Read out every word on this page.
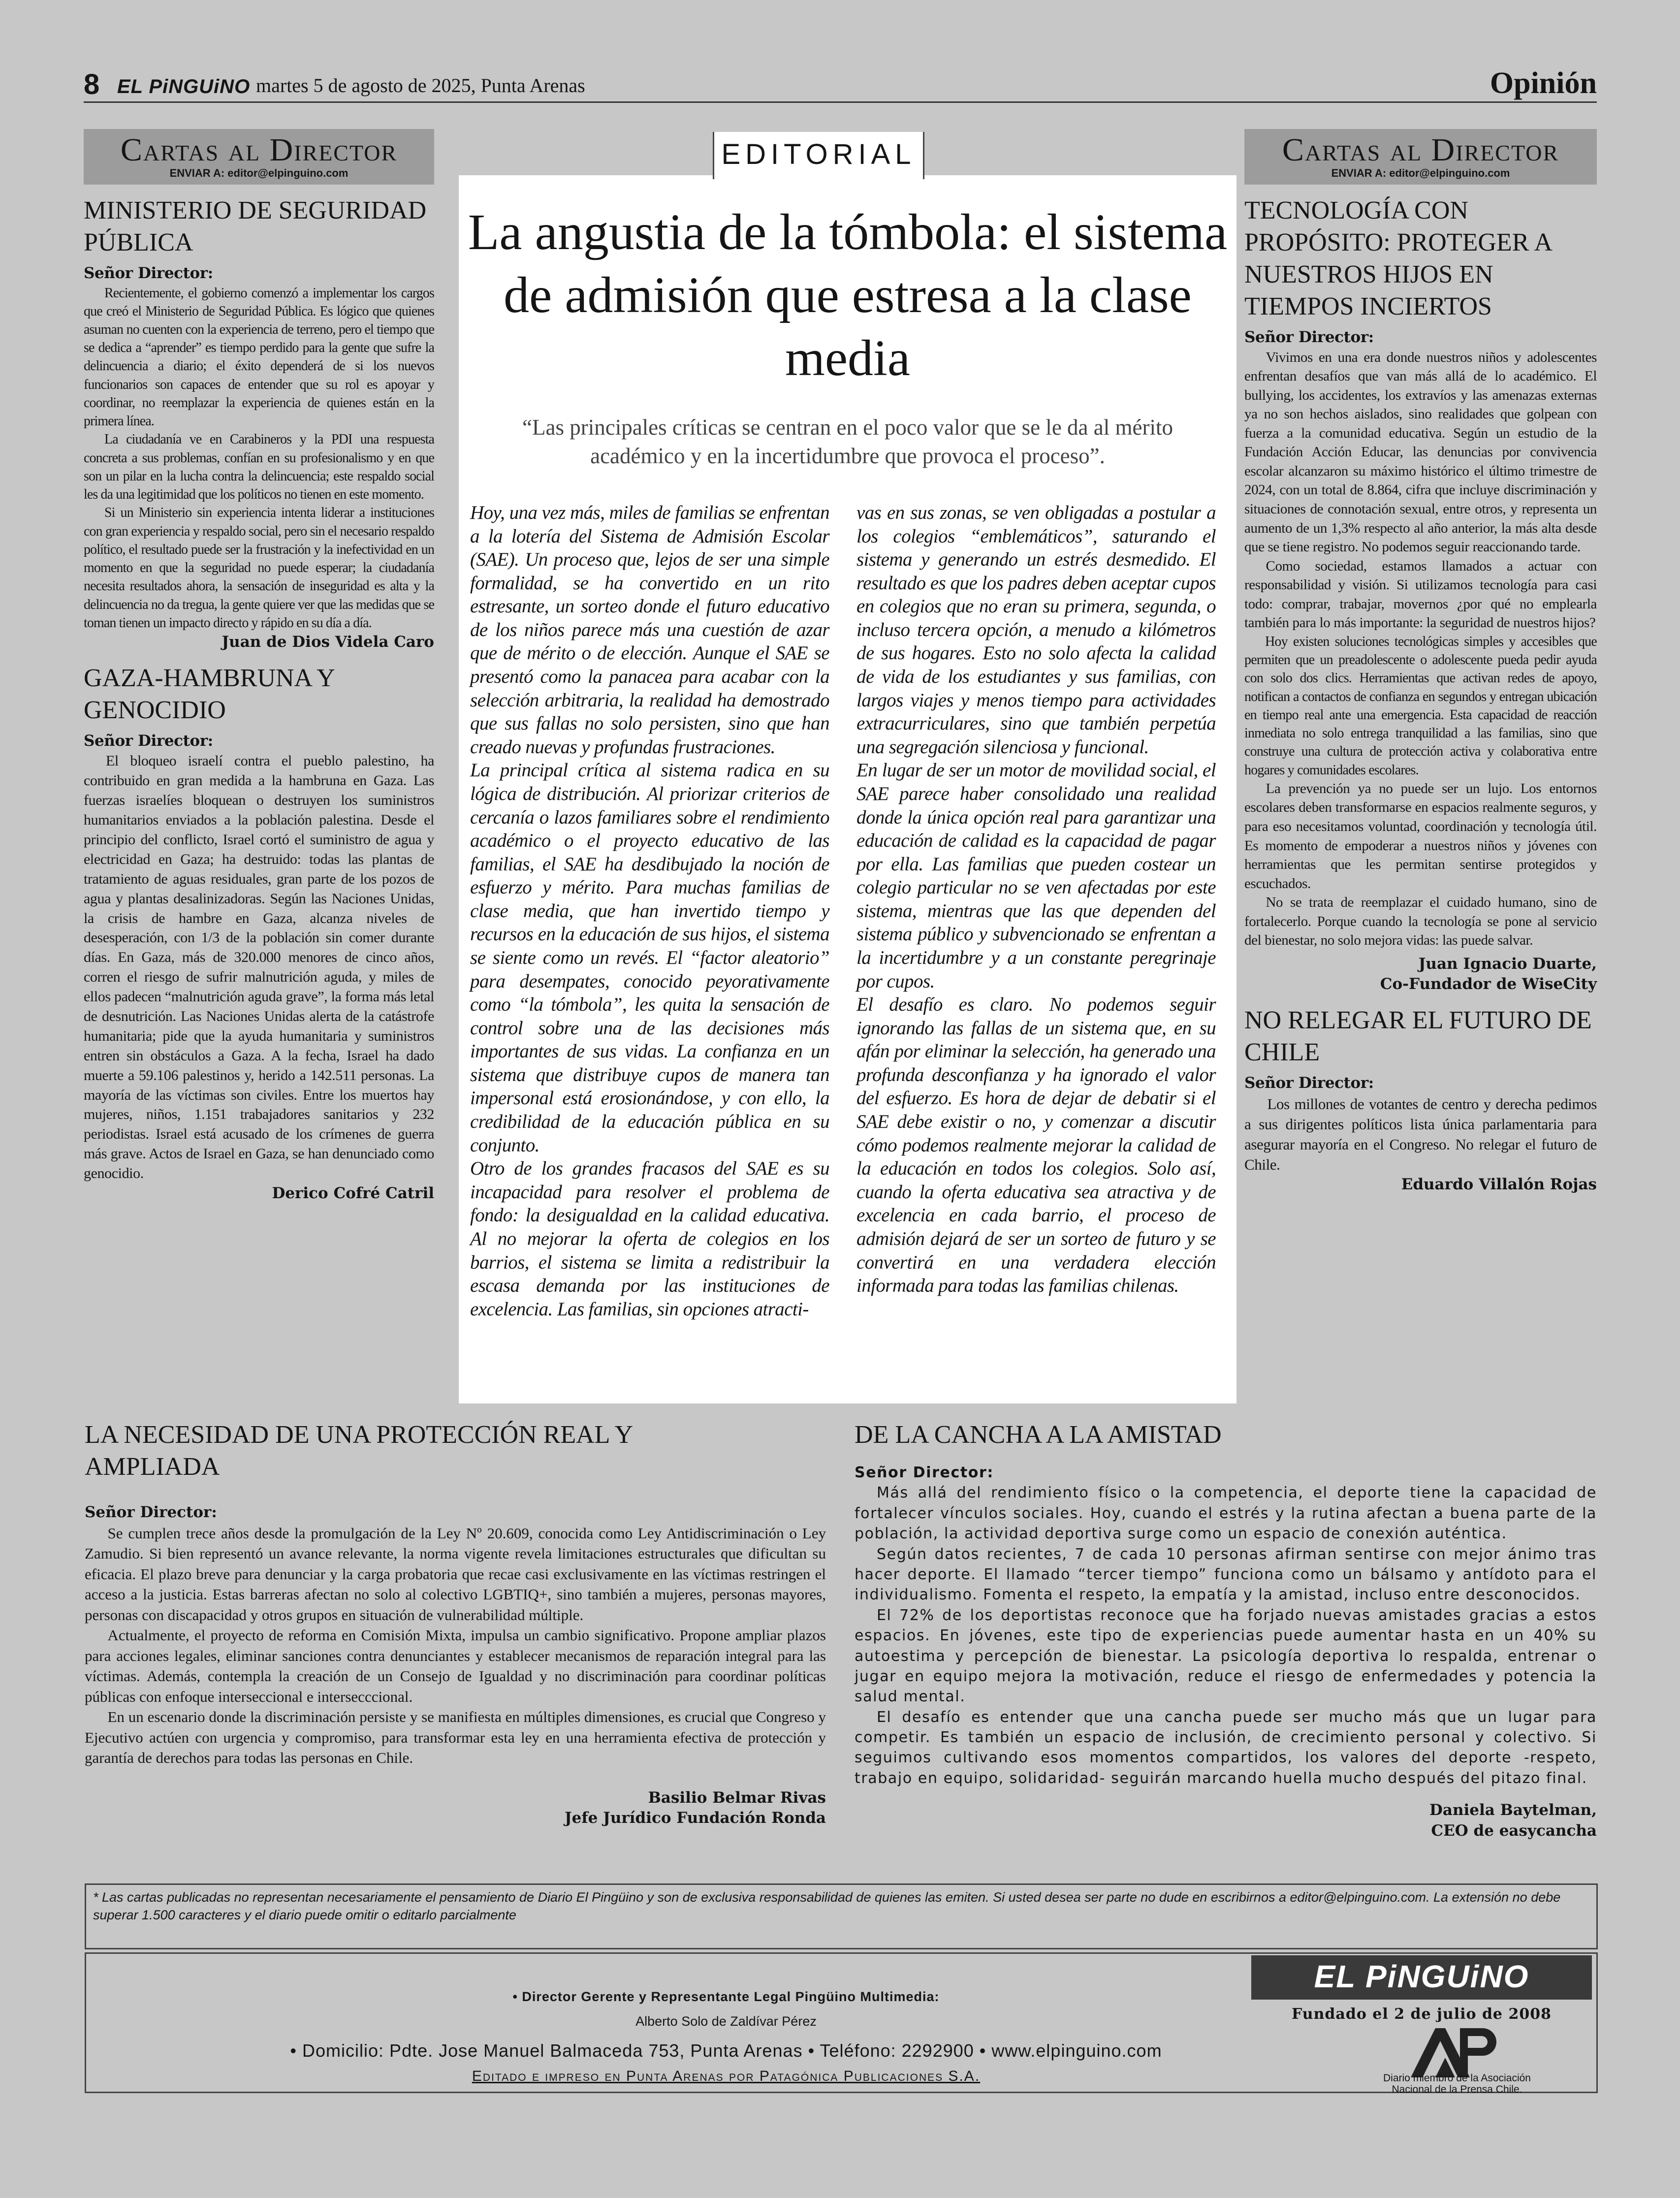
8 EL PiNGUiNO martes 5 de agosto de 2025, Punta Arenas	Opinión
Cartas al Director
ENVIAR A: editor@elpinguino.com
MINISTERIO DE SEGURIDAD PÚBLICA

Señor Director:

Recientemente, el gobierno comenzó a implementar los cargos que creó el Ministerio de Seguridad Pública. Es lógico que quienes asuman no cuenten con la experiencia de terreno, pero el tiempo que se dedica a “aprender” es tiempo perdido para la gente que sufre la delincuencia a diario; el éxito dependerá de si los nuevos funcionarios son capaces de entender que su rol es apoyar y coordinar, no reemplazar la experiencia de quienes están en la primera línea.

La ciudadanía ve en Carabineros y la PDI una respuesta concreta a sus problemas, confían en su profesionalismo y en que son un pilar en la lucha contra la delincuencia; este respaldo social les da una legitimidad que los políticos no tienen en este momento.

Si un Ministerio sin experiencia intenta liderar a instituciones con gran experiencia y respaldo social, pero sin el necesario respaldo político, el resultado puede ser la frustración y la inefectividad en un momento en que la seguridad no puede esperar; la ciudadanía necesita resultados ahora, la sensación de inseguridad es alta y la delincuencia no da tregua, la gente quiere ver que las medidas que se toman tienen un impacto directo y rápido en su día a día.

Juan de Dios Videla Caro
GAZA-HAMBRUNA Y GENOCIDIO

Señor Director:

El bloqueo israelí contra el pueblo palestino, ha contribuido en gran medida a la hambruna en Gaza. Las fuerzas israelíes bloquean o destruyen los suministros humanitarios enviados a la población palestina. Desde el principio del conflicto, Israel cortó el suministro de agua y electricidad en Gaza; ha destruido: todas las plantas de tratamiento de aguas residuales, gran parte de los pozos de agua y plantas desalinizadoras. Según las Naciones Unidas, la crisis de hambre en Gaza, alcanza niveles de desesperación, con 1/3 de la población sin comer durante días. En Gaza, más de 320.000 menores de cinco años, corren el riesgo de sufrir malnutrición aguda, y miles de ellos padecen “malnutrición aguda grave”, la forma más letal de desnutrición. Las Naciones Unidas alerta de la catástrofe humanitaria; pide que la ayuda humanitaria y suministros entren sin obstáculos a Gaza. A la fecha, Israel ha dado muerte a 59.106 palestinos y, herido a 142.511 personas. La mayoría de las víctimas son civiles. Entre los muertos hay mujeres, niños, 1.151 trabajadores sanitarios y 232 periodistas. Israel está acusado de los crímenes de guerra más grave. Actos de Israel en Gaza, se han denunciado como genocidio.

Derico Cofré Catril
EDITORIAL
La angustia de la tómbola: el sistema de admisión que estresa a la clase media
“Las principales críticas se centran en el poco valor que se le da al mérito académico y en la incertidumbre que provoca el proceso”.

Hoy, una vez más, miles de familias se enfrentan a la lotería del Sistema de Admisión Escolar (SAE). Un proceso que, lejos de ser una simple formalidad, se ha convertido en un rito estresante, un sorteo donde el futuro educativo de los niños parece más una cuestión de azar que de mérito o de elección. Aunque el SAE se presentó como la panacea para acabar con la selección arbitraria, la realidad ha demostrado que sus fallas no solo persisten, sino que han creado nuevas y profundas frustraciones.

La principal crítica al sistema radica en su lógica de distribución. Al priorizar criterios de cercanía o lazos familiares sobre el rendimiento académico o el proyecto educativo de las familias, el SAE ha desdibujado la noción de esfuerzo y mérito. Para muchas familias de clase media, que han invertido tiempo y recursos en la educación de sus hijos, el sistema se siente como un revés. El “factor aleatorio” para desempates, conocido peyorativamente como “la tómbola”, les quita la sensación de control sobre una de las decisiones más importantes de sus vidas. La confianza en un sistema que distribuye cupos de manera tan impersonal está erosionándose, y con ello, la credibilidad de la educación pública en su conjunto.

Otro de los grandes fracasos del SAE es su incapacidad para resolver el problema de fondo: la desigualdad en la calidad educativa. Al no mejorar la oferta de colegios en los barrios, el sistema se limita a redistribuir la escasa demanda por las instituciones de excelencia. Las familias, sin opciones atracti-

vas en sus zonas, se ven obligadas a postular a los colegios “emblemáticos”, saturando el sistema y generando un estrés desmedido. El resultado es que los padres deben aceptar cupos en colegios que no eran su primera, segunda, o incluso tercera opción, a menudo a kilómetros de sus hogares. Esto no solo afecta la calidad de vida de los estudiantes y sus familias, con largos viajes y menos tiempo para actividades extracurriculares, sino que también perpetúa una segregación silenciosa y funcional.

En lugar de ser un motor de movilidad social, el SAE parece haber consolidado una realidad donde la única opción real para garantizar una educación de calidad es la capacidad de pagar por ella. Las familias que pueden costear un colegio particular no se ven afectadas por este sistema, mientras que las que dependen del sistema público y subvencionado se enfrentan a la incertidumbre y a un constante peregrinaje por cupos.

El desafío es claro. No podemos seguir ignorando las fallas de un sistema que, en su afán por eliminar la selección, ha generado una profunda desconfianza y ha ignorado el valor del esfuerzo. Es hora de dejar de debatir si el SAE debe existir o no, y comenzar a discutir cómo podemos realmente mejorar la calidad de la educación en todos los colegios. Solo así, cuando la oferta educativa sea atractiva y de excelencia en cada barrio, el proceso de admisión dejará de ser un sorteo de futuro y se convertirá en una verdadera elección informada para todas las familias chilenas.

Cartas al Director
ENVIAR A: editor@elpinguino.com
TECNOLOGÍA CON PROPÓSITO: PROTEGER A NUESTROS HIJOS EN TIEMPOS INCIERTOS

Señor Director:

Vivimos en una era donde nuestros niños y adolescentes enfrentan desafíos que van más allá de lo académico. El bullying, los accidentes, los extravíos y las amenazas externas ya no son hechos aislados, sino realidades que golpean con fuerza a la comunidad educativa. Según un estudio de la Fundación Acción Educar, las denuncias por convivencia escolar alcanzaron su máximo histórico el último trimestre de 2024, con un total de 8.864, cifra que incluye discriminación y situaciones de connotación sexual, entre otros, y representa un aumento de un 1,3% respecto al año anterior, la más alta desde que se tiene registro. No podemos seguir reaccionando tarde.

Como sociedad, estamos llamados a actuar con responsabilidad y visión. Si utilizamos tecnología para casi todo: comprar, trabajar, movernos ¿por qué no emplearla también para lo más importante: la seguridad de nuestros hijos?

Hoy existen soluciones tecnológicas simples y accesibles que permiten que un preadolescente o adolescente pueda pedir ayuda con solo dos clics. Herramientas que activan redes de apoyo, notifican a contactos de confianza en segundos y entregan ubicación en tiempo real ante una emergencia. Esta capacidad de reacción inmediata no solo entrega tranquilidad a las familias, sino que construye una cultura de protección activa y colaborativa entre hogares y comunidades escolares.

La prevención ya no puede ser un lujo. Los entornos escolares deben transformarse en espacios realmente seguros, y para eso necesitamos voluntad, coordinación y tecnología útil. Es momento de empoderar a nuestros niños y jóvenes con herramientas que les permitan sentirse protegidos y escuchados.

No se trata de reemplazar el cuidado humano, sino de fortalecerlo. Porque cuando la tecnología se pone al servicio del bienestar, no solo mejora vidas: las puede salvar.

Juan Ignacio Duarte,
Co-Fundador de WiseCity
NO RELEGAR EL FUTURO DE CHILE

Señor Director:

Los millones de votantes de centro y derecha pedimos a sus dirigentes políticos lista única parlamentaria para asegurar mayoría en el Congreso. No relegar el futuro de Chile.

Eduardo Villalón Rojas
LA NECESIDAD DE UNA PROTECCIÓN REAL Y AMPLIADA

Señor Director:

Se cumplen trece años desde la promulgación de la Ley Nº 20.609, conocida como Ley Antidiscriminación o Ley Zamudio. Si bien representó un avance relevante, la norma vigente revela limitaciones estructurales que dificultan su eficacia. El plazo breve para denunciar y la carga probatoria que recae casi exclusivamente en las víctimas restringen el acceso a la justicia. Estas barreras afectan no solo al colectivo LGBTIQ+, sino también a mujeres, personas mayores, personas con discapacidad y otros grupos en situación de vulnerabilidad múltiple.

Actualmente, el proyecto de reforma en Comisión Mixta, impulsa un cambio significativo. Propone ampliar plazos para acciones legales, eliminar sanciones contra denunciantes y establecer mecanismos de reparación integral para las víctimas. Además, contempla la creación de un Consejo de Igualdad y no discriminación para coordinar políticas públicas con enfoque interseccional e intersecccional.

En un escenario donde la discriminación persiste y se manifiesta en múltiples dimensiones, es crucial que Congreso y Ejecutivo actúen con urgencia y compromiso, para transformar esta ley en una herramienta efectiva de protección y garantía de derechos para todas las personas en Chile.

Basilio Belmar Rivas
Jefe Jurídico Fundación Ronda
DE LA CANCHA A LA AMISTAD

Señor Director:

Más allá del rendimiento físico o la competencia, el deporte tiene la capacidad de fortalecer vínculos sociales. Hoy, cuando el estrés y la rutina afectan a buena parte de la población, la actividad deportiva surge como un espacio de conexión auténtica.

Según datos recientes, 7 de cada 10 personas afirman sentirse con mejor ánimo tras hacer deporte. El llamado “tercer tiempo” funciona como un bálsamo y antídoto para el individualismo. Fomenta el respeto, la empatía y la amistad, incluso entre desconocidos.

El 72% de los deportistas reconoce que ha forjado nuevas amistades gracias a estos espacios. En jóvenes, este tipo de experiencias puede aumentar hasta en un 40% su autoestima y percepción de bienestar. La psicología deportiva lo respalda, entrenar o jugar en equipo mejora la motivación, reduce el riesgo de enfermedades y potencia la salud mental.

El desafío es entender que una cancha puede ser mucho más que un lugar para competir. Es también un espacio de inclusión, de crecimiento personal y colectivo. Si seguimos cultivando esos momentos compartidos, los valores del deporte -respeto, trabajo en equipo, solidaridad- seguirán marcando huella mucho después del pitazo final.

Daniela Baytelman,
CEO de easycancha
* Las cartas publicadas no representan necesariamente el pensamiento de Diario El Pingüino y son de exclusiva responsabilidad de quienes las emiten. Si usted desea ser parte no dude en escribirnos a editor@elpinguino.com. La extensión no debe superar 1.500 caracteres y el diario puede omitir o editarlo parcialmente
• Director Gerente y Representante Legal Pingüino Multimedia:
Alberto Solo de Zaldívar Pérez
• Domicilio: Pdte. Jose Manuel Balmaceda 753, Punta Arenas • Teléfono: 2292900 • www.elpinguino.com
Editado e impreso en Punta Arenas por Patagónica Publicaciones S.A.
EL PiNGUiNO
Fundado el 2 de julio de 2008
Diario miembro de la Asociación Nacional de la Prensa Chile.
